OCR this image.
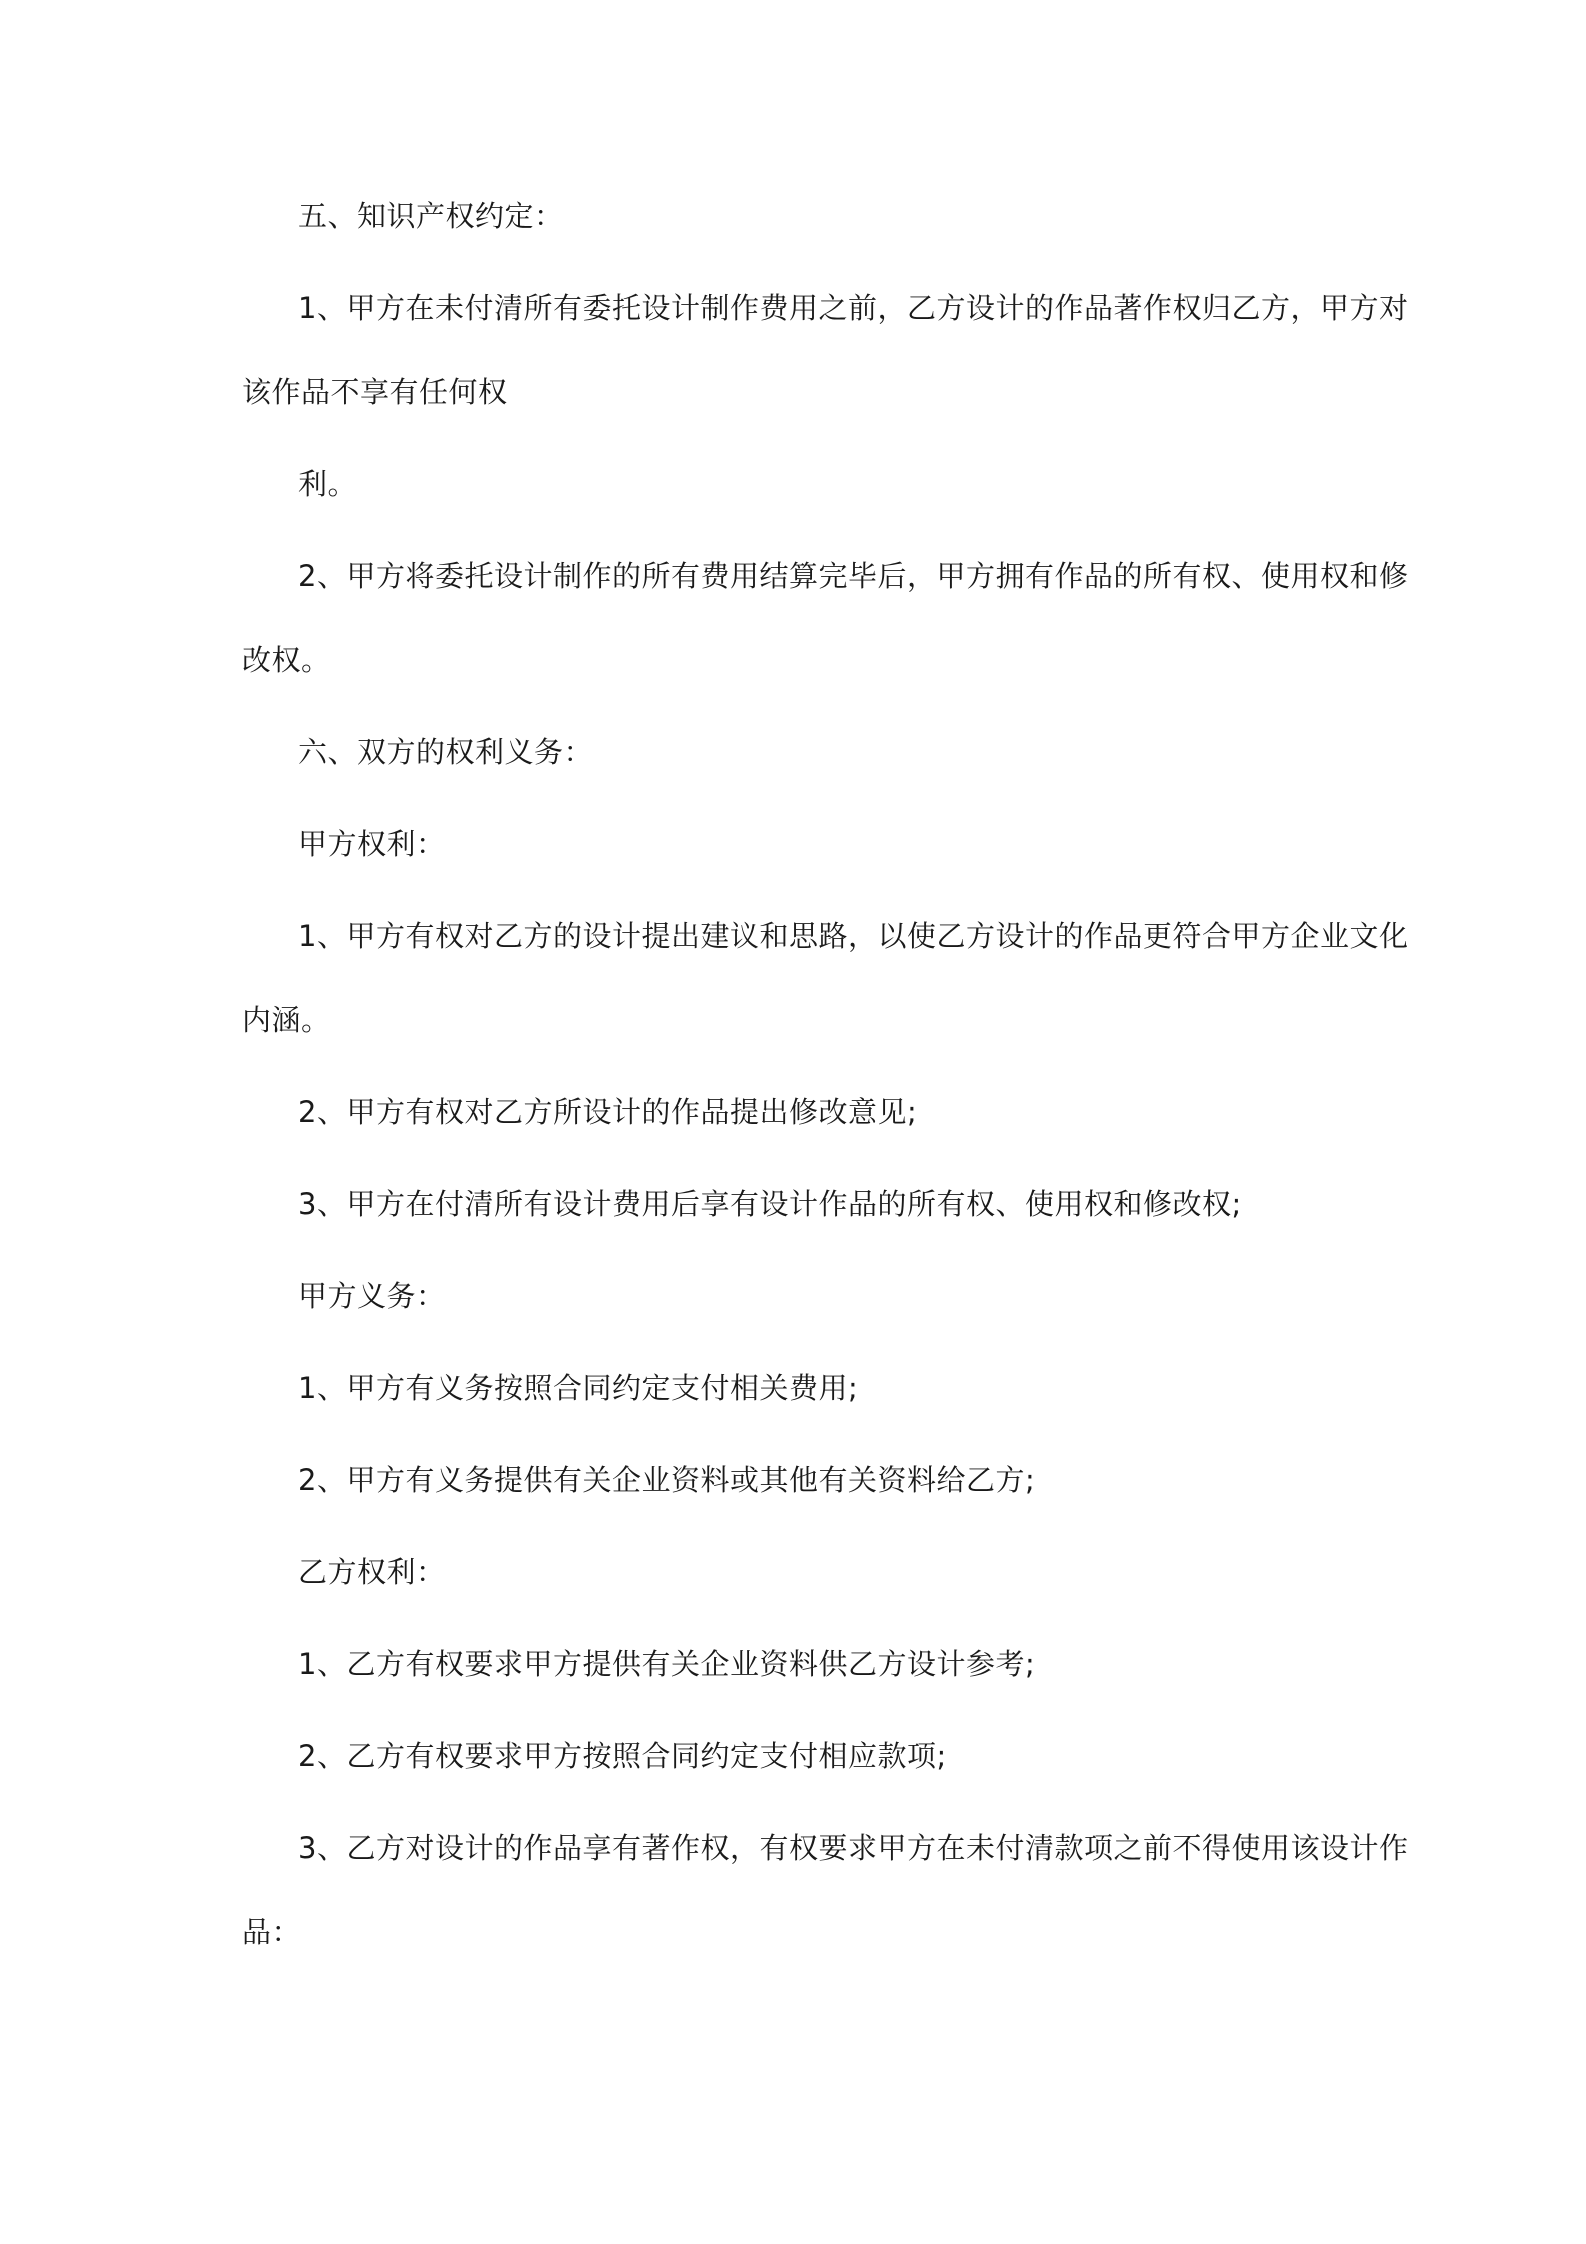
五、知识产权约定：
1、甲方在未付清所有委托设计制作费用之前，乙方设计的作品著作权归乙方，甲方对
该作品不享有任何权
利。
2、甲方将委托设计制作的所有费用结算完毕后，甲方拥有作品的所有权、使用权和修
改权。
六、双方的权利义务：
甲方权利：
1、甲方有权对乙方的设计提出建议和思路，以使乙方设计的作品更符合甲方企业文化
内涵。
2、甲方有权对乙方所设计的作品提出修改意见;
3、甲方在付清所有设计费用后享有设计作品的所有权、使用权和修改权;
甲方义务：
1、甲方有义务按照合同约定支付相关费用;
2、甲方有义务提供有关企业资料或其他有关资料给乙方;
乙方权利：
1、乙方有权要求甲方提供有关企业资料供乙方设计参考;
2、乙方有权要求甲方按照合同约定支付相应款项;
3、乙方对设计的作品享有著作权，有权要求甲方在未付清款项之前不得使用该设计作
品：
